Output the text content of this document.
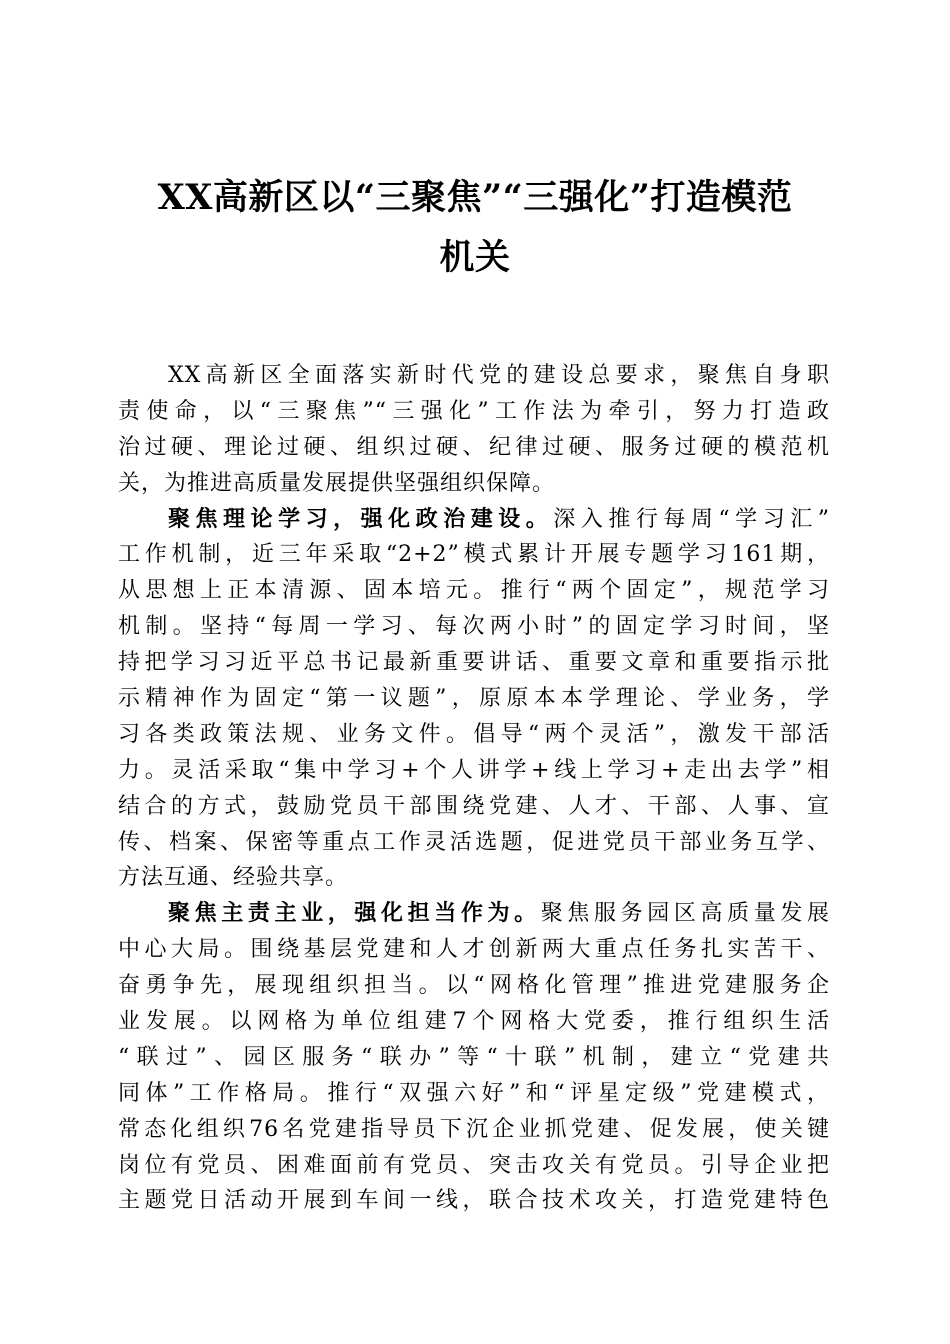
XX高新区以“三聚焦”“三强化”打造模范
机关
XX高新区全面落实新时代党的建设总要求，聚焦自身职
责使命，以“三聚焦”“三强化”工作法为牵引，努力打造政
治过硬、理论过硬、组织过硬、纪律过硬、服务过硬的模范机
关，为推进高质量发展提供坚强组织保障。
聚焦理论学习，强化政治建设。深入推行每周“学习汇”
工作机制，近三年采取“2+2”模式累计开展专题学习161期，
从思想上正本清源、固本培元。推行“两个固定”，规范学习
机制。坚持“每周一学习、每次两小时”的固定学习时间，坚
持把学习习近平总书记最新重要讲话、重要文章和重要指示批
示精神作为固定“第一议题”，原原本本学理论、学业务，学
习各类政策法规、业务文件。倡导“两个灵活”，激发干部活
力。灵活采取“集中学习+个人讲学+线上学习+走出去学”相
结合的方式，鼓励党员干部围绕党建、人才、干部、人事、宣
传、档案、保密等重点工作灵活选题，促进党员干部业务互学、
方法互通、经验共享。
聚焦主责主业，强化担当作为。聚焦服务园区高质量发展
中心大局。围绕基层党建和人才创新两大重点任务扎实苦干、
奋勇争先，展现组织担当。以“网格化管理”推进党建服务企
业发展。以网格为单位组建7个网格大党委，推行组织生活
“联过”、园区服务“联办”等“十联”机制，建立“党建共
同体”工作格局。推行“双强六好”和“评星定级”党建模式，
常态化组织76名党建指导员下沉企业抓党建、促发展，使关键
岗位有党员、困难面前有党员、突击攻关有党员。引导企业把
主题党日活动开展到车间一线，联合技术攻关，打造党建特色
